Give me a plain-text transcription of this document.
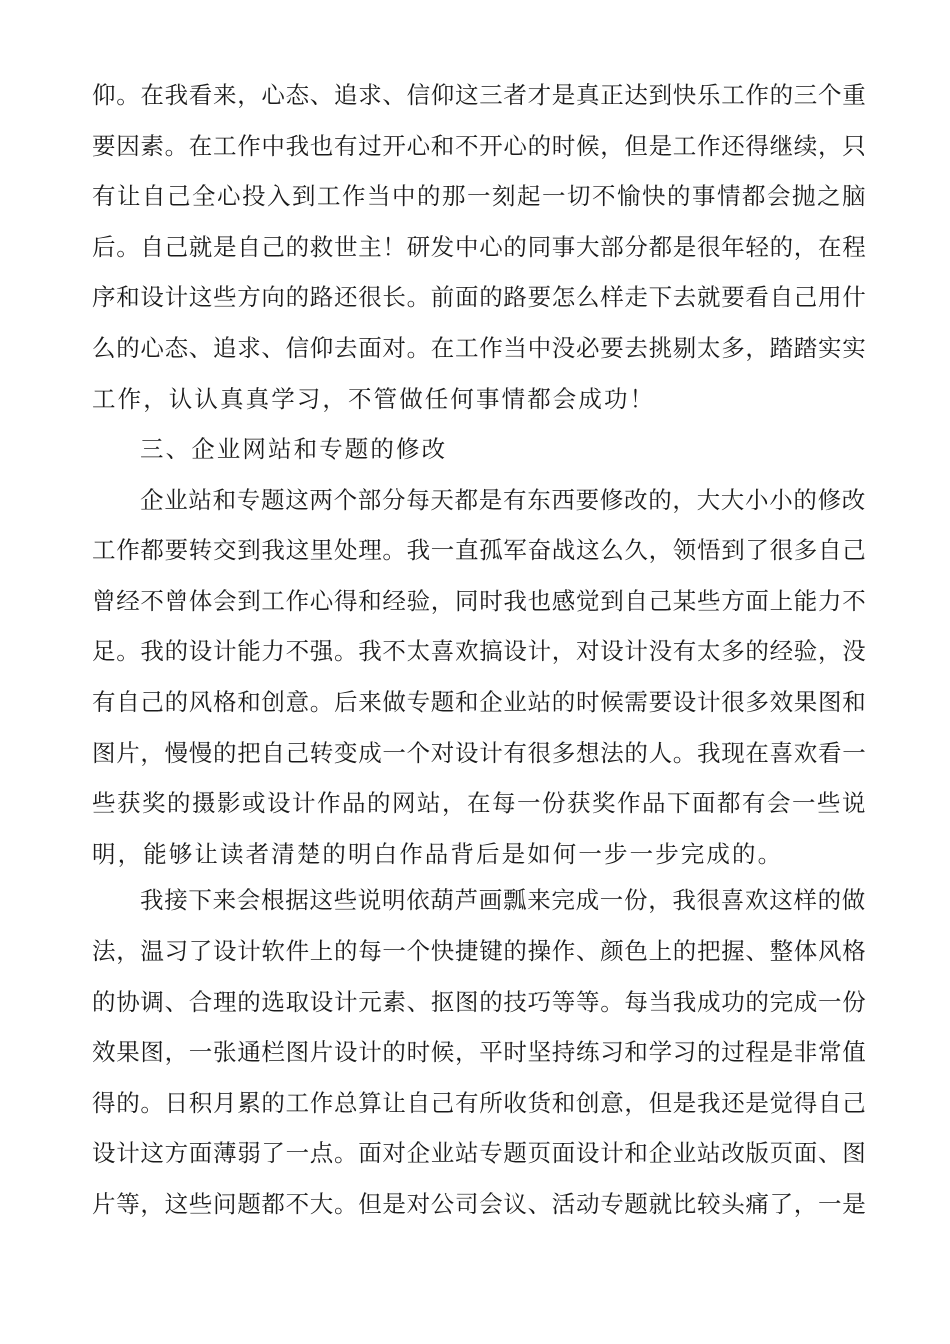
仰。在我看来，心态、追求、信仰这三者才是真正达到快乐工作的三个重
要因素。在工作中我也有过开心和不开心的时候，但是工作还得继续，只
有让自己全心投入到工作当中的那一刻起一切不愉快的事情都会抛之脑
后。自己就是自己的救世主！研发中心的同事大部分都是很年轻的，在程
序和设计这些方向的路还很长。前面的路要怎么样走下去就要看自己用什
么的心态、追求、信仰去面对。在工作当中没必要去挑剔太多，踏踏实实
工作，认认真真学习，不管做任何事情都会成功！
三、企业网站和专题的修改
企业站和专题这两个部分每天都是有东西要修改的，大大小小的修改
工作都要转交到我这里处理。我一直孤军奋战这么久，领悟到了很多自己
曾经不曾体会到工作心得和经验，同时我也感觉到自己某些方面上能力不
足。我的设计能力不强。我不太喜欢搞设计，对设计没有太多的经验，没
有自己的风格和创意。后来做专题和企业站的时候需要设计很多效果图和
图片，慢慢的把自己转变成一个对设计有很多想法的人。我现在喜欢看一
些获奖的摄影或设计作品的网站，在每一份获奖作品下面都有会一些说
明，能够让读者清楚的明白作品背后是如何一步一步完成的。
我接下来会根据这些说明依葫芦画瓢来完成一份，我很喜欢这样的做
法，温习了设计软件上的每一个快捷键的操作、颜色上的把握、整体风格
的协调、合理的选取设计元素、抠图的技巧等等。每当我成功的完成一份
效果图，一张通栏图片设计的时候，平时坚持练习和学习的过程是非常值
得的。日积月累的工作总算让自己有所收货和创意，但是我还是觉得自己
设计这方面薄弱了一点。面对企业站专题页面设计和企业站改版页面、图
片等，这些问题都不大。但是对公司会议、活动专题就比较头痛了，一是
